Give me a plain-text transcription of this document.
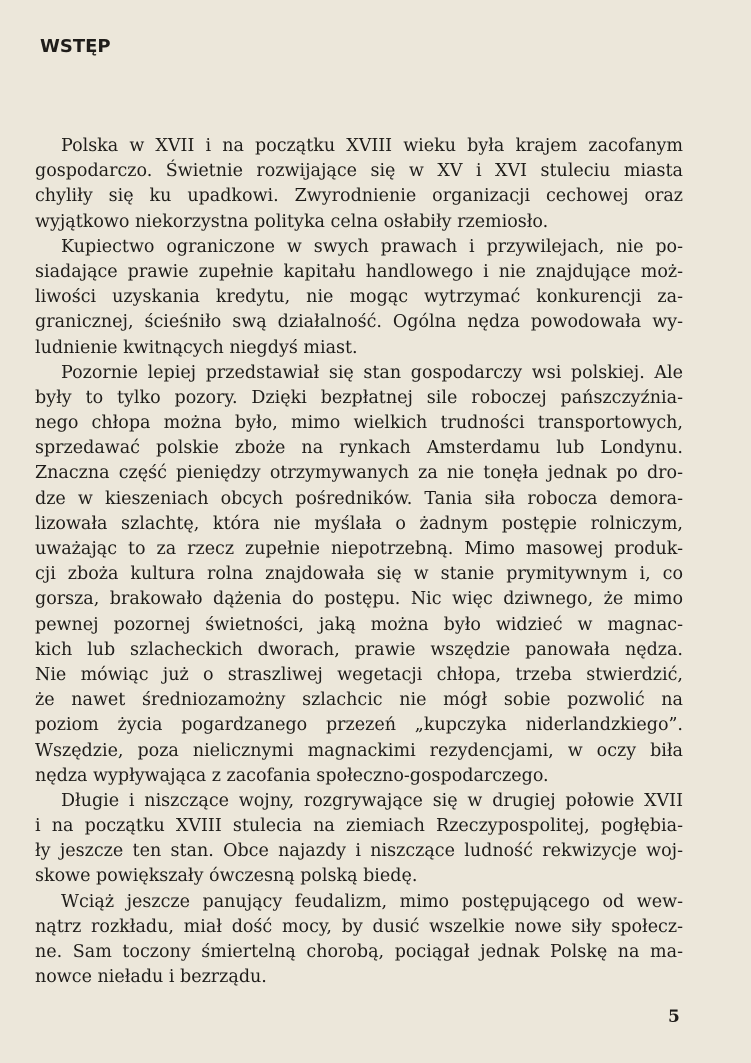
WSTĘP
Polska w XVII i na początku XVIII wieku była krajem zacofanym
gospodarczo. Świetnie rozwijające się w XV i XVI stuleciu miasta
chyliły się ku upadkowi. Zwyrodnienie organizacji cechowej oraz
wyjątkowo niekorzystna polityka celna osłabiły rzemiosło.
Kupiectwo ograniczone w swych prawach i przywilejach, nie po-
siadające prawie zupełnie kapitału handlowego i nie znajdujące moż-
liwości uzyskania kredytu, nie mogąc wytrzymać konkurencji za-
granicznej, ścieśniło swą działalność. Ogólna nędza powodowała wy-
ludnienie kwitnących niegdyś miast.
Pozornie lepiej przedstawiał się stan gospodarczy wsi polskiej. Ale
były to tylko pozory. Dzięki bezpłatnej sile roboczej pańszczyźnia-
nego chłopa można było, mimo wielkich trudności transportowych,
sprzedawać polskie zboże na rynkach Amsterdamu lub Londynu.
Znaczna część pieniędzy otrzymywanych za nie tonęła jednak po dro-
dze w kieszeniach obcych pośredników. Tania siła robocza demora-
lizowała szlachtę, która nie myślała o żadnym postępie rolniczym,
uważając to za rzecz zupełnie niepotrzebną. Mimo masowej produk-
cji zboża kultura rolna znajdowała się w stanie prymitywnym i, co
gorsza, brakowało dążenia do postępu. Nic więc dziwnego, że mimo
pewnej pozornej świetności, jaką można było widzieć w magnac-
kich lub szlacheckich dworach, prawie wszędzie panowała nędza.
Nie mówiąc już o straszliwej wegetacji chłopa, trzeba stwierdzić,
że nawet średniozamożny szlachcic nie mógł sobie pozwolić na
poziom życia pogardzanego przezeń „kupczyka niderlandzkiego”.
Wszędzie, poza nielicznymi magnackimi rezydencjami, w oczy biła
nędza wypływająca z zacofania społeczno-gospodarczego.
Długie i niszczące wojny, rozgrywające się w drugiej połowie XVII
i na początku XVIII stulecia na ziemiach Rzeczypospolitej, pogłębia-
ły jeszcze ten stan. Obce najazdy i niszczące ludność rekwizycje woj-
skowe powiększały ówczesną polską biedę.
Wciąż jeszcze panujący feudalizm, mimo postępującego od wew-
nątrz rozkładu, miał dość mocy, by dusić wszelkie nowe siły społecz-
ne. Sam toczony śmiertelną chorobą, pociągał jednak Polskę na ma-
nowce nieładu i bezrządu.
5
